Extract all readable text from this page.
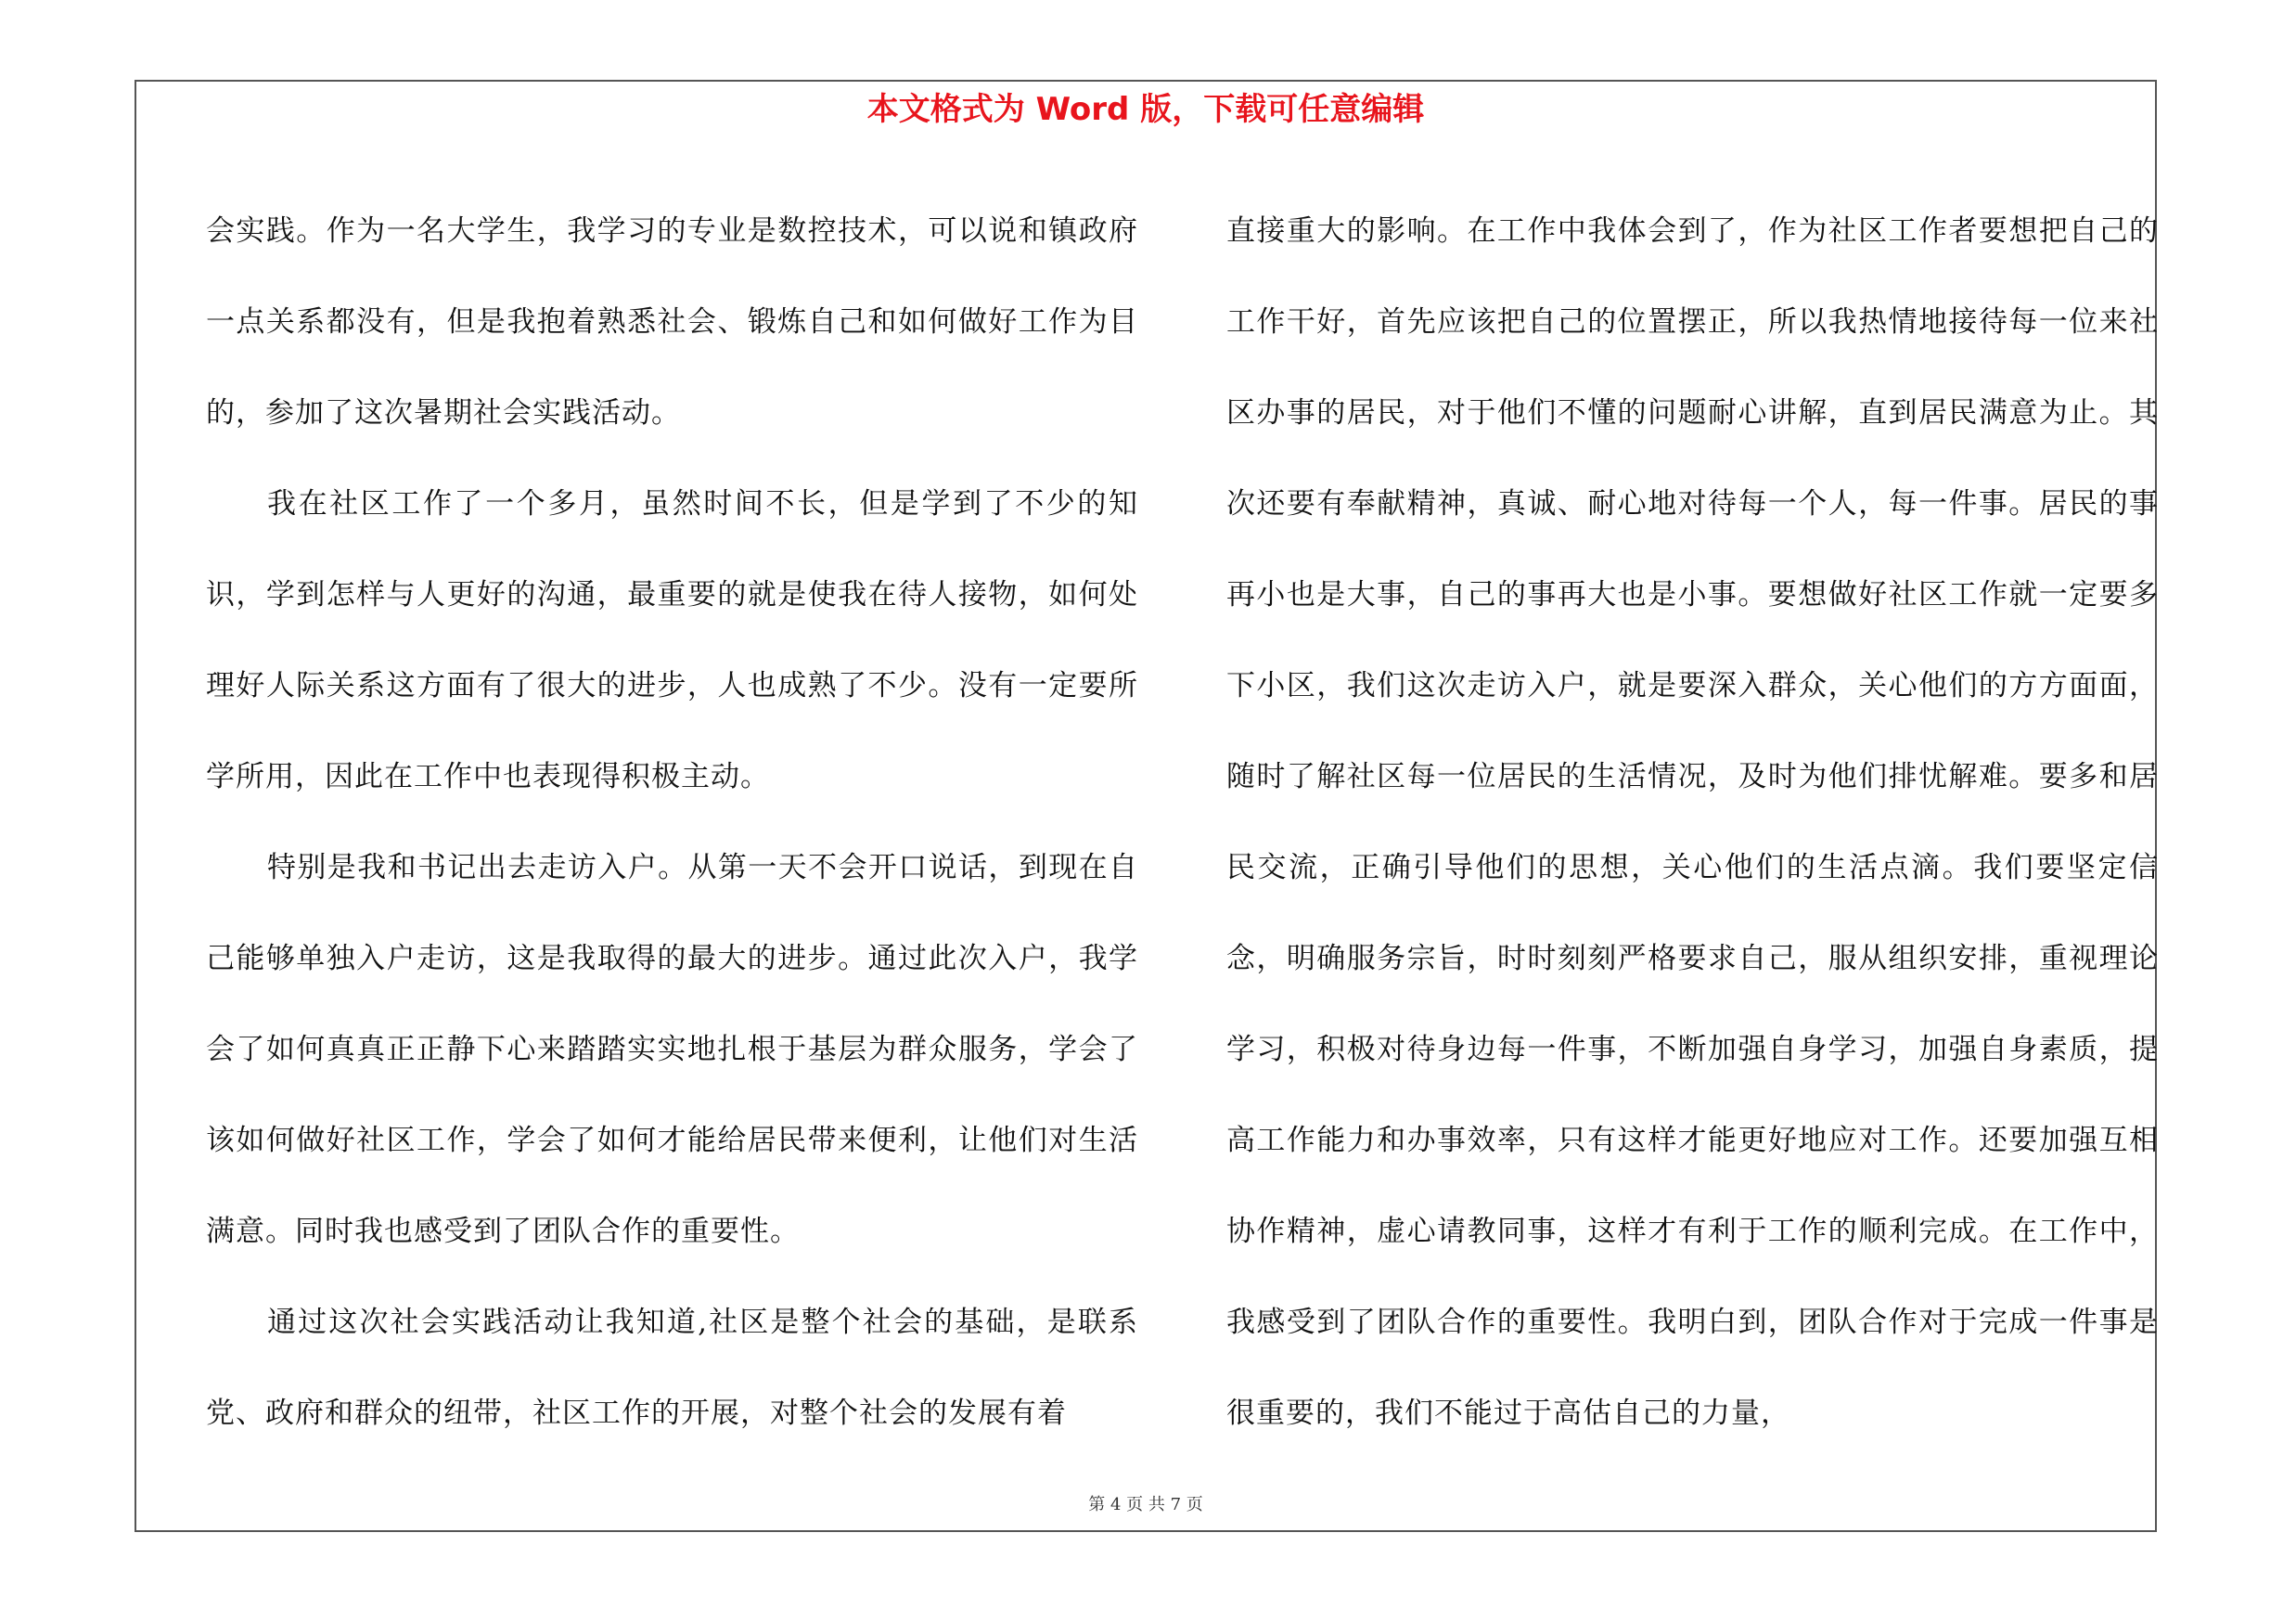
本文格式为 Word 版，下载可任意编辑

会实践。作为一名大学生，我学习的专业是数控技术，可以说和镇政府一点关系都没有，但是我抱着熟悉社会、锻炼自己和如何做好工作为目的，参加了这次暑期社会实践活动。

我在社区工作了一个多月，虽然时间不长，但是学到了不少的知识，学到怎样与人更好的沟通，最重要的就是使我在待人接物，如何处理好人际关系这方面有了很大的进步，人也成熟了不少。没有一定要所学所用，因此在工作中也表现得积极主动。

特别是我和书记出去走访入户。从第一天不会开口说话，到现在自己能够单独入户走访，这是我取得的最大的进步。通过此次入户，我学会了如何真真正正静下心来踏踏实实地扎根于基层为群众服务，学会了该如何做好社区工作，学会了如何才能给居民带来便利，让他们对生活满意。同时我也感受到了团队合作的重要性。

通过这次社会实践活动让我知道,社区是整个社会的基础，是联系党、政府和群众的纽带，社区工作的开展，对整个社会的发展有着

直接重大的影响。在工作中我体会到了，作为社区工作者要想把自己的工作干好，首先应该把自己的位置摆正，所以我热情地接待每一位来社区办事的居民，对于他们不懂的问题耐心讲解，直到居民满意为止。其次还要有奉献精神，真诚、耐心地对待每一个人，每一件事。居民的事再小也是大事，自己的事再大也是小事。要想做好社区工作就一定要多下小区，我们这次走访入户，就是要深入群众，关心他们的方方面面，随时了解社区每一位居民的生活情况，及时为他们排忧解难。要多和居民交流，正确引导他们的思想，关心他们的生活点滴。我们要坚定信念，明确服务宗旨，时时刻刻严格要求自己，服从组织安排，重视理论学习，积极对待身边每一件事，不断加强自身学习，加强自身素质，提高工作能力和办事效率，只有这样才能更好地应对工作。还要加强互相协作精神，虚心请教同事，这样才有利于工作的顺利完成。在工作中，我感受到了团队合作的重要性。我明白到，团队合作对于完成一件事是很重要的，我们不能过于高估自己的力量，

第 4 页 共 7 页
